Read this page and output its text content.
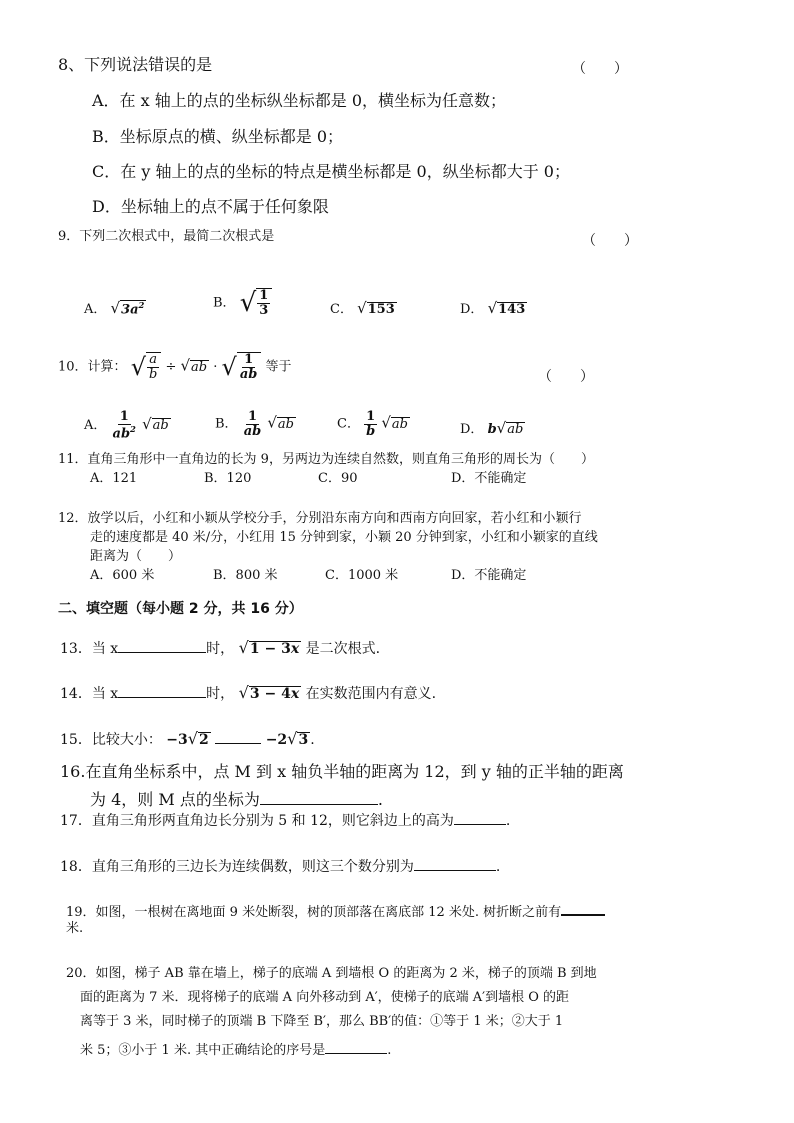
8、下列说法错误的是	（　　）
A．在 x 轴上的点的坐标纵坐标都是 0，横坐标为任意数；
B．坐标原点的横、纵坐标都是 0；
C．在 y 轴上的点的坐标的特点是横坐标都是 0，纵坐标都大于 0；
D．坐标轴上的点不属于任何象限
9．下列二次根式中，最简二次根式是	（　　）
A． $√3a^2$	B． √ $\frac{1}{3}$	C． √153	D． √143
10．计算： √ $\frac{a}{b} \div √ab$ · √ $\frac{1}{ab}$ 等于
（　　）
A． $\frac{1}{ab^2} √ab$	B． $\frac{1}{ab} √ab$	C． $\frac{1}{b} √ab$	D． b√ab
11．直角三角形中一直角边的长为 9，另两边为连续自然数，则直角三角形的周长为（　　）
A．121	B．120	C．90	D．不能确定
12．放学以后，小红和小颖从学校分手，分别沿东南方向和西南方向回家，若小红和小颖行
走的速度都是 40 米/分，小红用 15 分钟到家，小颖 20 分钟到家，小红和小颖家的直线
距离为（　　）
A．600 米	B．800 米	C．1000 米	D．不能确定
二、填空题（每小题 2 分，共 16 分）
13．当 x	时， √1 − 3x 是二次根式.
14．当 x	时， √3 − 4x 在实数范围内有意义.
15．比较大小： −3√2	−2√3 .
16.在直角坐标系中，点 M 到 x 轴负半轴的距离为 12，到 y 轴的正半轴的距离
为 4，则 M 点的坐标为	.
17．直角三角形两直角边长分别为 5 和 12，则它斜边上的高为	.
18．直角三角形的三边长为连续偶数，则这三个数分别为	.
19．如图，一根树在离地面 9 米处断裂，树的顶部落在离底部 12 米处. 树折断之前有
米.
20．如图，梯子 AB 靠在墙上，梯子的底端 A 到墙根 O 的距离为 2 米，梯子的顶端 B 到地
面的距离为 7 米．现将梯子的底端 A 向外移动到 A′，使梯子的底端 A′到墙根 O 的距
离等于 3 米，同时梯子的顶端 B 下降至 B′，那么 BB′的值：①等于 1 米；②大于 1
米 5；③小于 1 米. 其中正确结论的序号是	.
